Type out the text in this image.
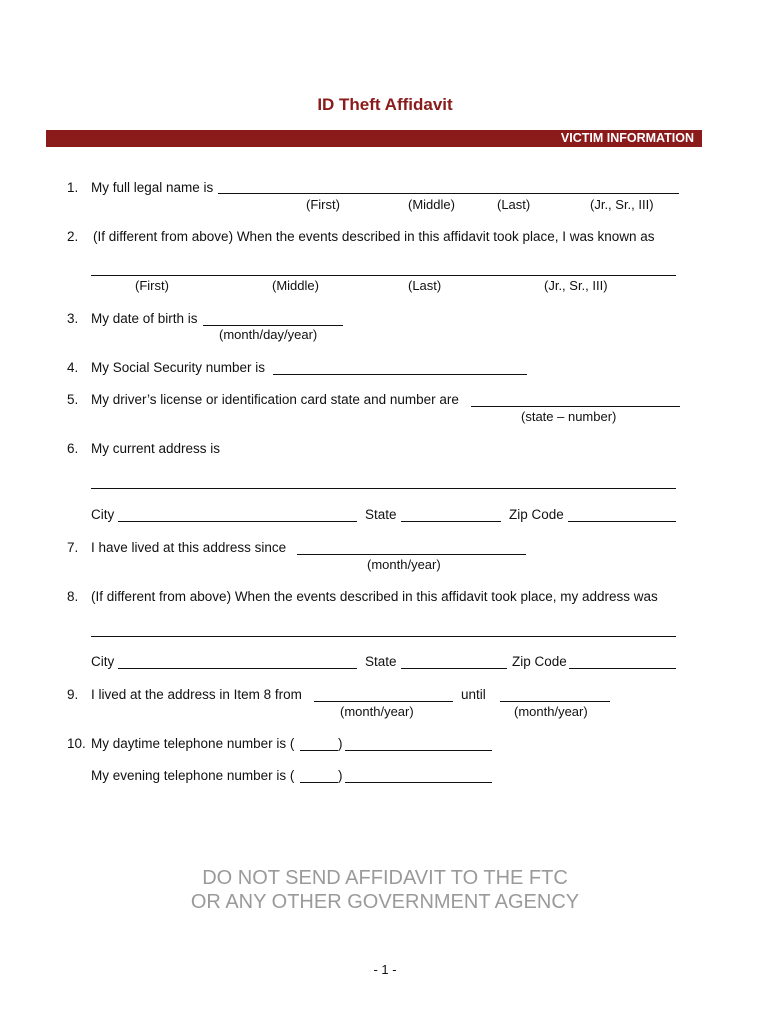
ID Theft Affidavit
VICTIM INFORMATION
1. My full legal name is
(First)	(Middle)	(Last)	(Jr., Sr., III)
2. (If different from above) When the events described in this affidavit took place, I was known as
(First)	(Middle)	(Last)	(Jr., Sr., III)
3. My date of birth is
(month/day/year)
4. My Social Security number is
5. My driver’s license or identification card state and number are
(state – number)
6. My current address is
City	State	Zip Code
7. I have lived at this address since
(month/year)
8. (If different from above) When the events described in this affidavit took place, my address was
City	State	Zip Code
9. I lived at the address in Item 8 from	until
(month/year)	(month/year)
10. My daytime telephone number is (	)
My evening telephone number is (	)
DO NOT SEND AFFIDAVIT TO THE FTC
OR ANY OTHER GOVERNMENT AGENCY
- 1 -
